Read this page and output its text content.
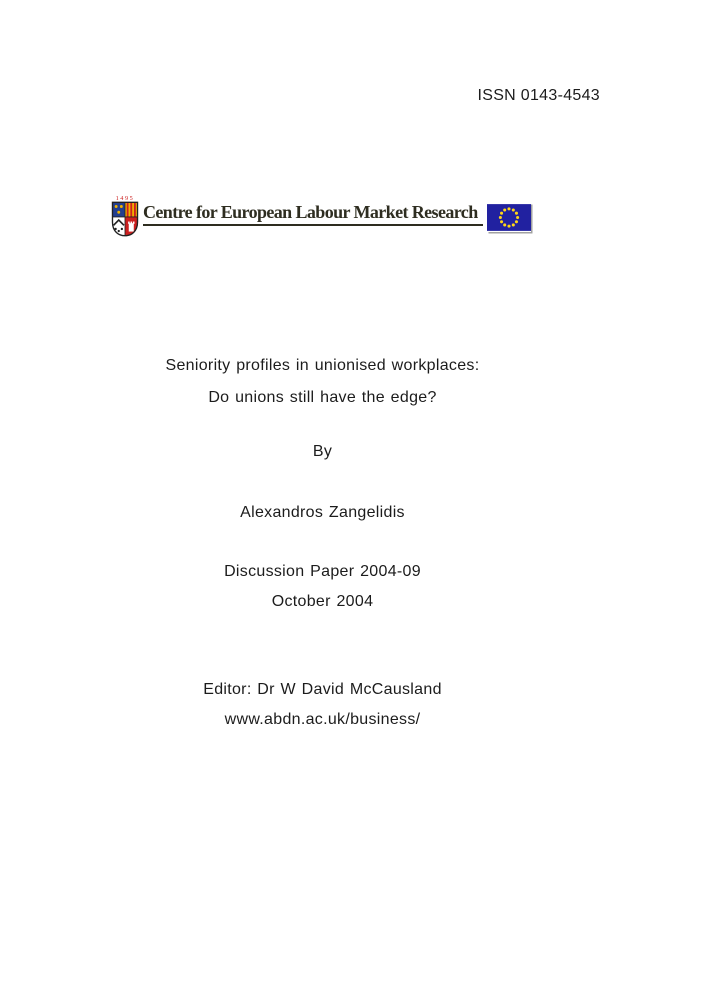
ISSN 0143-4543
1495
Centre for European Labour Market Research
Seniority profiles in unionised workplaces:
Do unions still have the edge?
By
Alexandros Zangelidis
Discussion Paper 2004-09
October 2004
Editor: Dr W David McCausland
www.abdn.ac.uk/business/
